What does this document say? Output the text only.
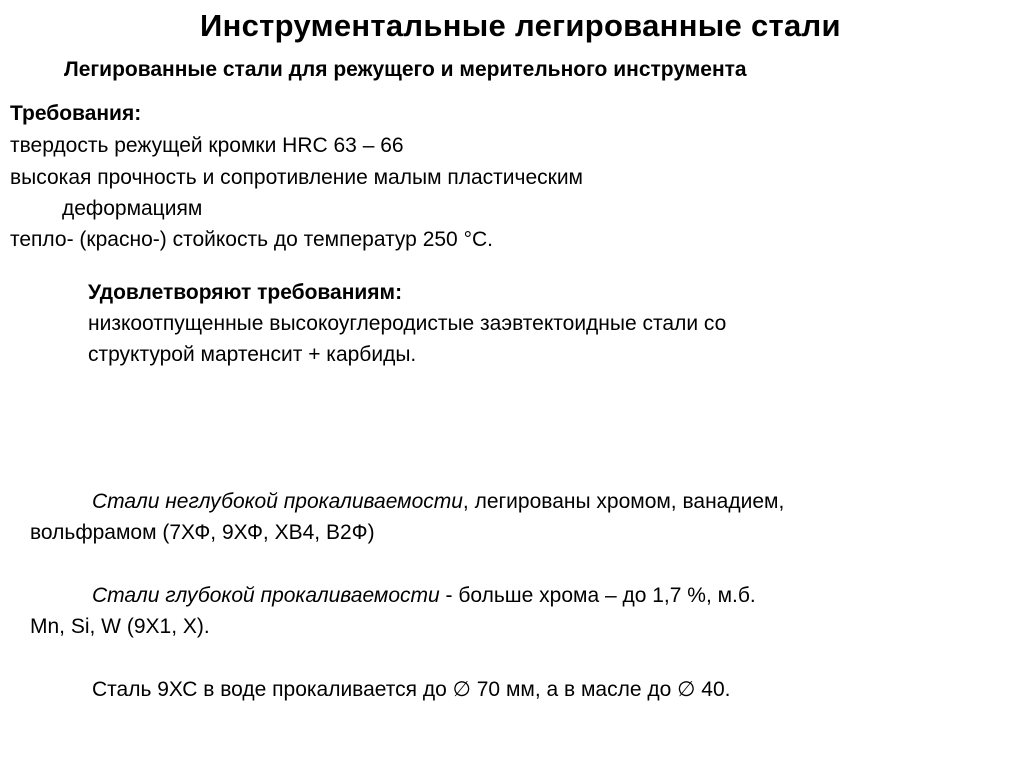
Инструментальные легированные стали
Легированные стали для режущего и мерительного инструмента
Требования:
твердость режущей кромки HRC 63 – 66
высокая прочность и сопротивление малым пластическим
деформациям
тепло- (красно-) стойкость до температур 250 °С.
Удовлетворяют требованиям:
низкоотпущенные высокоуглеродистые заэвтектоидные стали со
структурой мартенсит + карбиды.
Стали неглубокой прокаливаемости, легированы хромом, ванадием,
вольфрамом (7ХФ, 9ХФ, ХВ4, В2Ф)
Стали глубокой прокаливаемости - больше хрома – до 1,7 %, м.б.
Mn, Si, W (9Х1, Х).
Сталь 9ХС в воде прокаливается до ∅ 70 мм, а в масле до ∅ 40.
